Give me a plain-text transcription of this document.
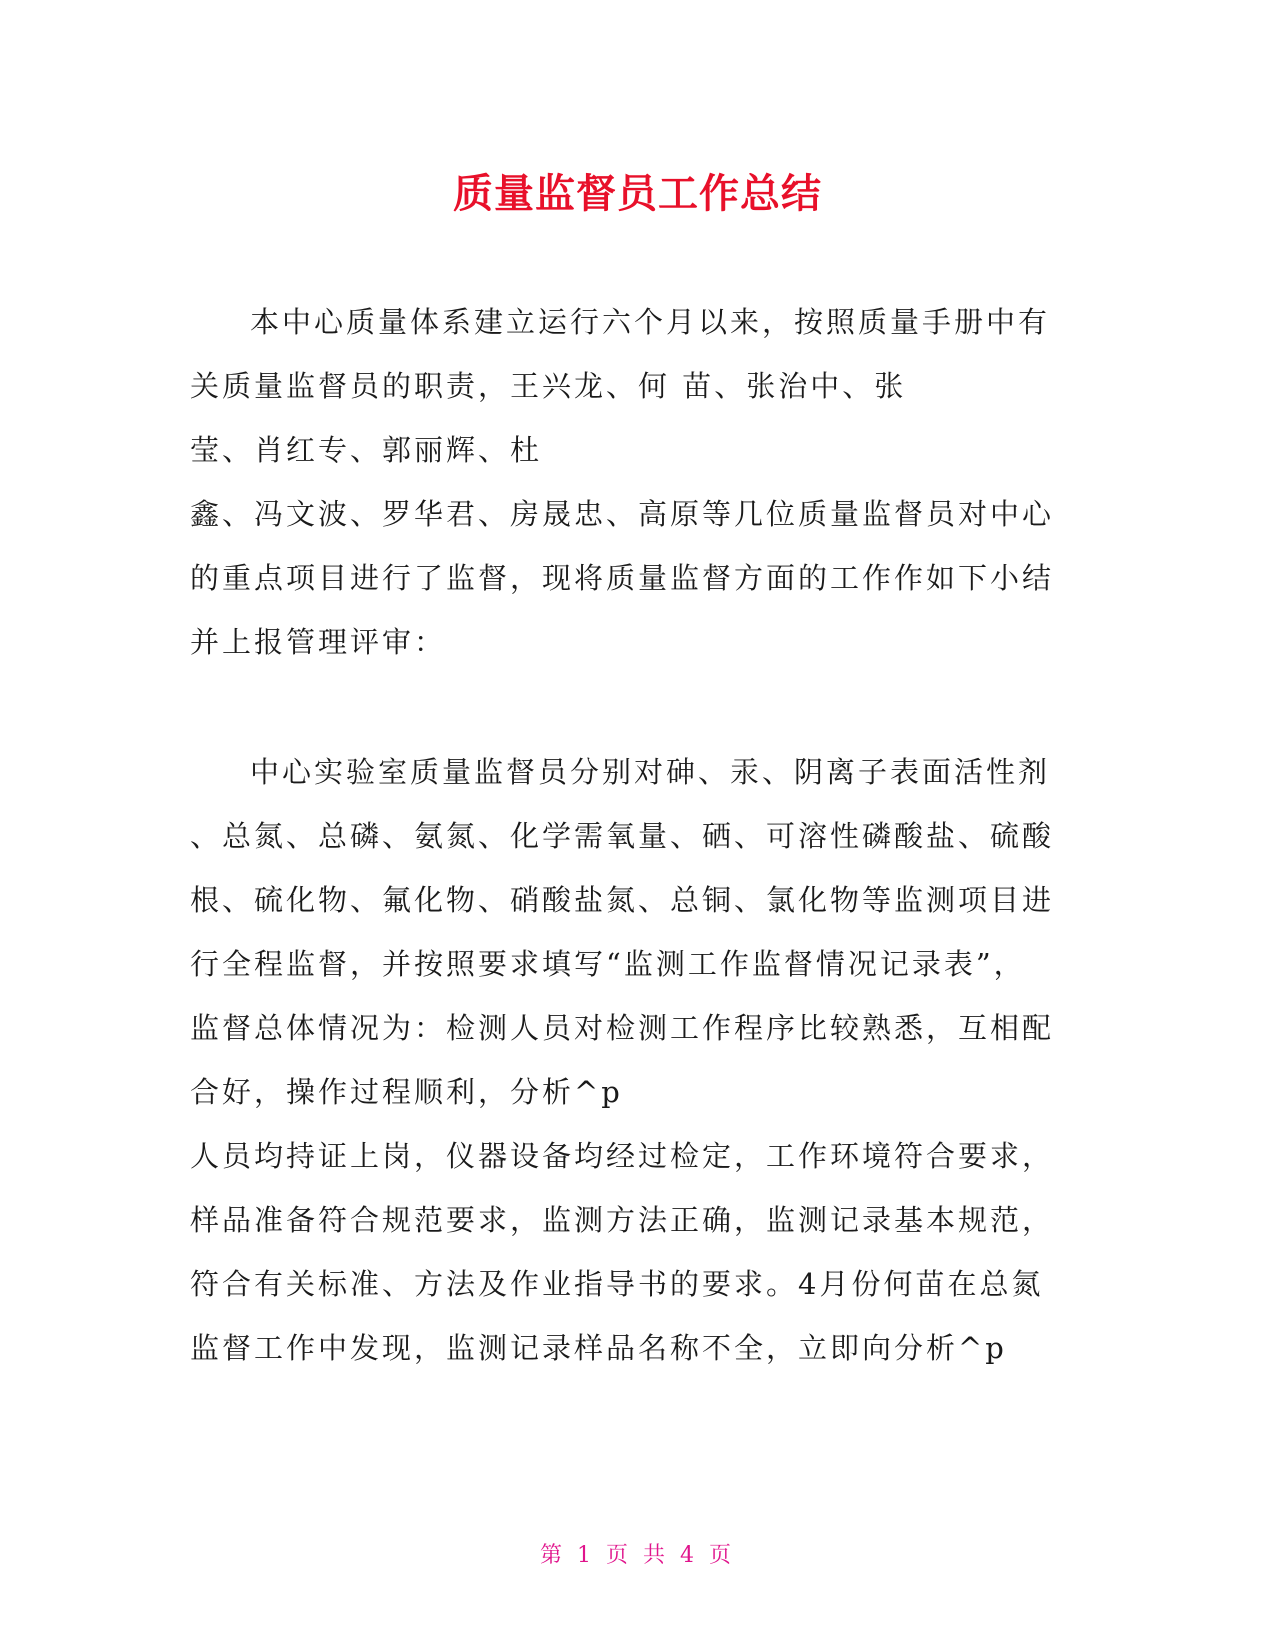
质量监督员工作总结
本中心质量体系建立运行六个月以来，按照质量手册中有
关质量监督员的职责，王兴龙、何 苗、张治中、张
莹、肖红专、郭丽辉、杜
鑫、冯文波、罗华君、房晟忠、高原等几位质量监督员对中心
的重点项目进行了监督，现将质量监督方面的工作作如下小结
并上报管理评审：
中心实验室质量监督员分别对砷、汞、阴离子表面活性剂
、总氮、总磷、氨氮、化学需氧量、硒、可溶性磷酸盐、硫酸
根、硫化物、氟化物、硝酸盐氮、总铜、氯化物等监测项目进
行全程监督，并按照要求填写“监测工作监督情况记录表”，
监督总体情况为：检测人员对检测工作程序比较熟悉，互相配
合好，操作过程顺利，分析^p
人员均持证上岗，仪器设备均经过检定，工作环境符合要求，
样品准备符合规范要求，监测方法正确，监测记录基本规范，
符合有关标准、方法及作业指导书的要求。4月份何苗在总氮
监督工作中发现，监测记录样品名称不全，立即向分析^p
第 1 页 共 4 页
